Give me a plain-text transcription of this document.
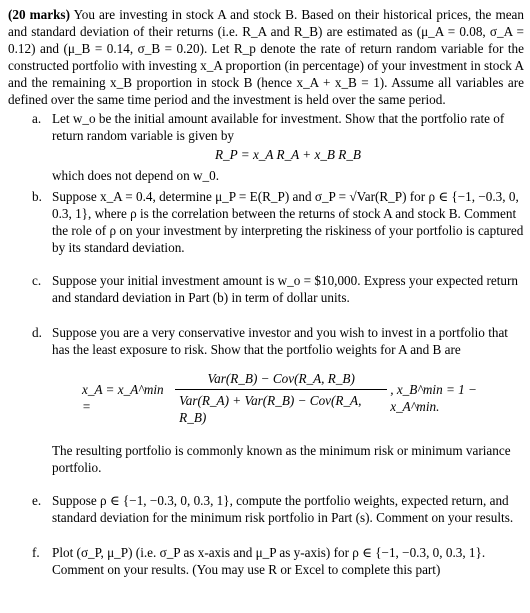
(20 marks) You are investing in stock A and stock B. Based on their historical prices, the mean and standard deviation of their returns (i.e. R_A and R_B) are estimated as (μ_A = 0.08, σ_A = 0.12) and (μ_B = 0.14, σ_B = 0.20). Let R_p denote the rate of return random variable for the constructed portfolio with investing x_A proportion (in percentage) of your investment in stock A and the remaining x_B proportion in stock B (hence x_A + x_B = 1). Assume all variables are defined over the same time period and the investment is held over the same period.

a. Let w_o be the initial amount available for investment. Show that the portfolio rate of return random variable is given by

R_P = x_A R_A + x_B R_B

which does not depend on w_0.

b. Suppose x_A = 0.4, determine μ_P = E(R_P) and σ_P = √Var(R_P) for ρ ∈ {−1, −0.3, 0, 0.3, 1}, where ρ is the correlation between the returns of stock A and stock B. Comment the role of ρ on your investment by interpreting the riskiness of your portfolio is captured by its standard deviation.

c. Suppose your initial investment amount is w_o = $10,000. Express your expected return and standard deviation in Part (b) in term of dollar units.

d. Suppose you are a very conservative investor and you wish to invest in a portfolio that has the least exposure to risk. Show that the portfolio weights for A and B are

x_A = x_A^min =	$\frac{\text{Var(R\_B) − Cov(R\_A, R\_B)}}{\text{Var(R\_A) + Var(R\_B) − Cov(R\_A, R\_B)}}$ , x_B^min = 1 − x_A^min.

The resulting portfolio is commonly known as the minimum risk or minimum variance portfolio.

e. Suppose ρ ∈ {−1, −0.3, 0, 0.3, 1}, compute the portfolio weights, expected return, and standard deviation for the minimum risk portfolio in Part (s). Comment on your results.

f. Plot (σ_P, μ_P) (i.e. σ_P as x-axis and μ_P as y-axis) for ρ ∈ {−1, −0.3, 0, 0.3, 1}. Comment on your results. (You may use R or Excel to complete this part)
